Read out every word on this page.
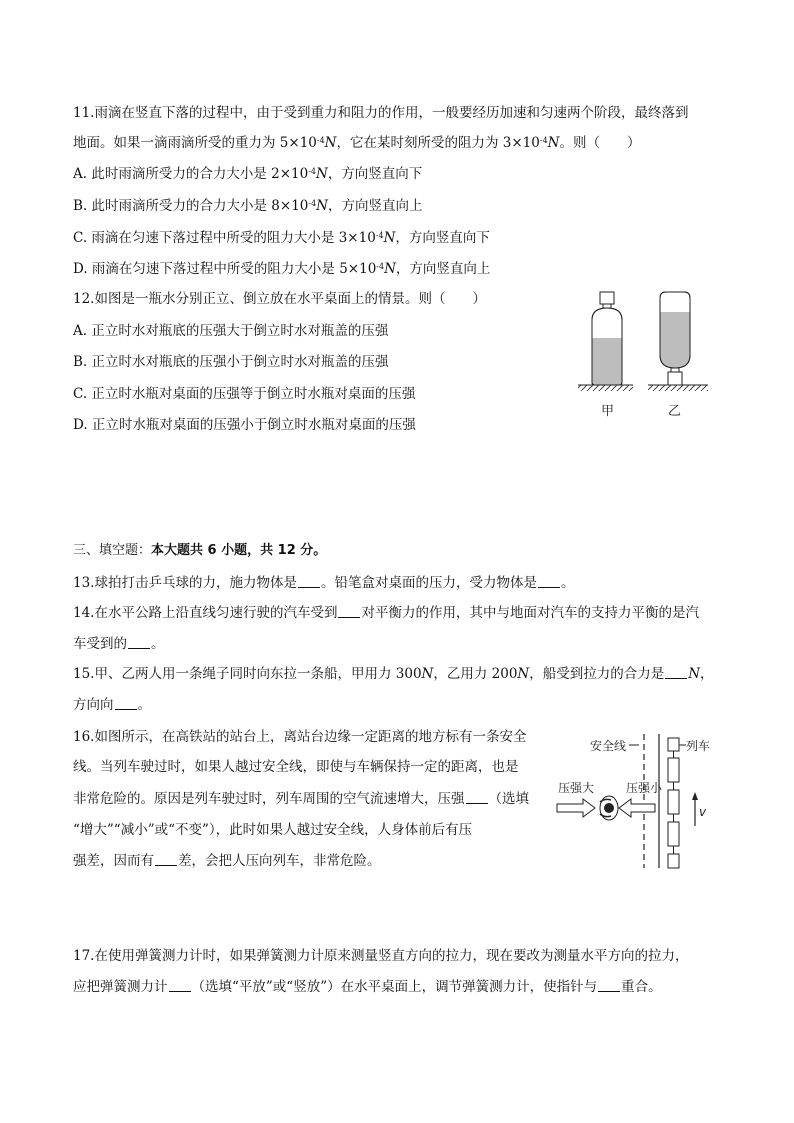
11.雨滴在竖直下落的过程中，由于受到重力和阻力的作用，一般要经历加速和匀速两个阶段，最终落到
地面。如果一滴雨滴所受的重力为 $5\times 10^{-4}N$，它在某时刻所受的阻力为 $3\times 10^{-4}N$。则（　　）
A. 此时雨滴所受力的合力大小是 $2\times 10^{-4}N$，方向竖直向下
B. 此时雨滴所受力的合力大小是 $8\times 10^{-4}N$，方向竖直向上
C. 雨滴在匀速下落过程中所受的阻力大小是 $3\times 10^{-4}N$，方向竖直向下
D. 雨滴在匀速下落过程中所受的阻力大小是 $5\times 10^{-4}N$，方向竖直向上
12.如图是一瓶水分别正立、倒立放在水平桌面上的情景。则（　　）
A. 正立时水对瓶底的压强大于倒立时水对瓶盖的压强
B. 正立时水对瓶底的压强小于倒立时水对瓶盖的压强
C. 正立时水瓶对桌面的压强等于倒立时水瓶对桌面的压强
D. 正立时水瓶对桌面的压强小于倒立时水瓶对桌面的压强
甲	乙
三、填空题：本大题共 6 小题，共 12 分。
13.球拍打击乒乓球的力，施力物体是 。铅笔盒对桌面的压力，受力物体是 。
14.在水平公路上沿直线匀速行驶的汽车受到 对平衡力的作用，其中与地面对汽车的支持力平衡的是汽
车受到的 。
15.甲、乙两人用一条绳子同时向东拉一条船，甲用力 300N，乙用力 200N，船受到拉力的合力是 N，
方向向 。
16.如图所示，在高铁站的站台上，离站台边缘一定距离的地方标有一条安全
线。当列车驶过时，如果人越过安全线，即使与车辆保持一定的距离，也是
非常危险的。原因是列车驶过时，列车周围的空气流速增大，压强 （选填
“增大”“减小”或“不变”），此时如果人越过安全线，人身体前后有压
强差，因而有 差，会把人压向列车，非常危险。
安全线	列车
v
压强大	压强小
17.在使用弹簧测力计时，如果弹簧测力计原来测量竖直方向的拉力，现在要改为测量水平方向的拉力，
应把弹簧测力计 （选填“平放”或“竖放”）在水平桌面上，调节弹簧测力计，使指针与 重合。
